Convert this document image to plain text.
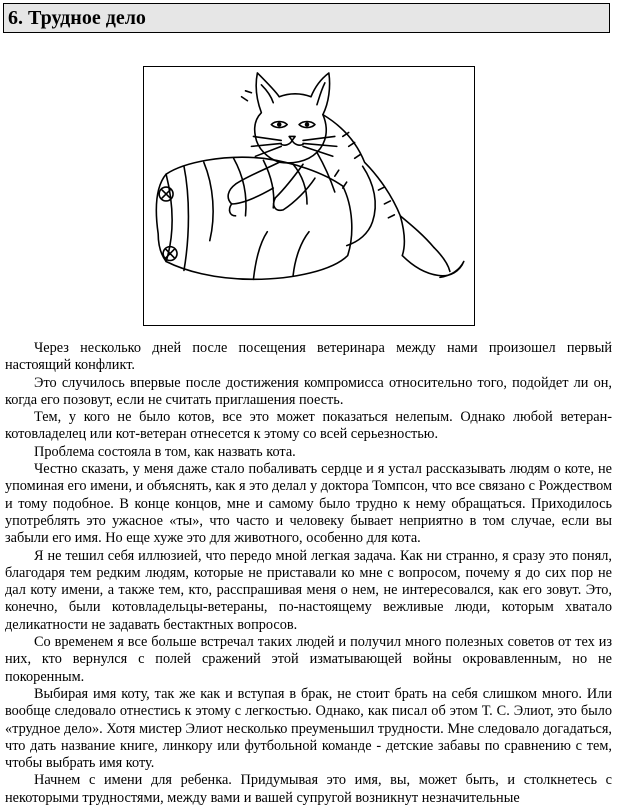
6. Трудное дело

Через несколько дней после посещения ветеринара между нами произошел первый настоящий конфликт.

Это случилось впервые после достижения компромисса относительно того, подойдет ли он, когда его позовут, если не считать приглашения поесть.

Тем, у кого не было котов, все это может показаться нелепым. Однако любой ветеран-котовладелец или кот-ветеран отнесется к этому со всей серьезностью.

Проблема состояла в том, как назвать кота.

Честно сказать, у меня даже стало побаливать сердце и я устал рассказывать людям о коте, не упоминая его имени, и объяснять, как я это делал у доктора Томпсон, что все связано с Рождеством и тому подобное. В конце концов, мне и самому было трудно к нему обращаться. Приходилось употреблять это ужасное «ты», что часто и человеку бывает неприятно в том случае, если вы забыли его имя. Но еще хуже это для животного, особенно для кота.

Я не тешил себя иллюзией, что передо мной легкая задача. Как ни странно, я сразу это понял, благодаря тем редким людям, которые не приставали ко мне с вопросом, почему я до сих пор не дал коту имени, а также тем, кто, расспрашивая меня о нем, не интересовался, как его зовут. Это, конечно, были котовладельцы-ветераны, по-настоящему вежливые люди, которым хватало деликатности не задавать бестактных вопросов.

Со временем я все больше встречал таких людей и получил много полезных советов от тех из них, кто вернулся с полей сражений этой изматывающей войны окровавленным, но не покоренным.

Выбирая имя коту, так же как и вступая в брак, не стоит брать на себя слишком много. Или вообще следовало отнестись к этому с легкостью. Однако, как писал об этом Т. С. Элиот, это было «трудное дело». Хотя мистер Элиот несколько преуменьшил трудности. Мне следовало догадаться, что дать название книге, линкору или футбольной команде - детские забавы по сравнению с тем, чтобы выбрать имя коту.

Начнем с имени для ребенка. Придумывая это имя, вы, может быть, и столкнетесь с некоторыми трудностями, между вами и вашей супругой возникнут незначительные
